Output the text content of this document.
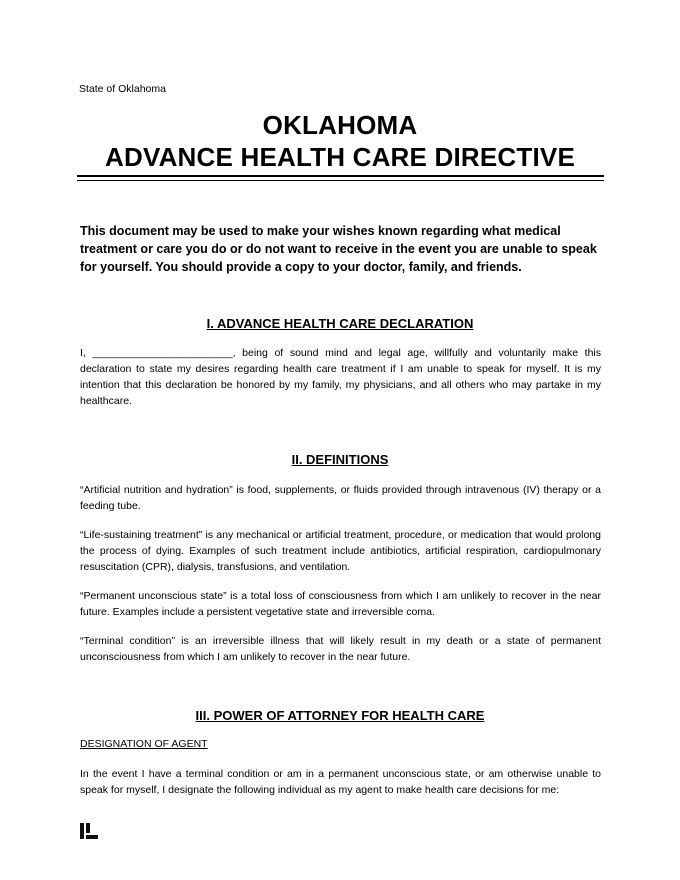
State of Oklahoma
OKLAHOMA
ADVANCE HEALTH CARE DIRECTIVE
This document may be used to make your wishes known regarding what medical treatment or care you do or do not want to receive in the event you are unable to speak for yourself. You should provide a copy to your doctor, family, and friends.
I. ADVANCE HEALTH CARE DECLARATION
I, ________________________, being of sound mind and legal age, willfully and voluntarily make this declaration to state my desires regarding health care treatment if I am unable to speak for myself. It is my intention that this declaration be honored by my family, my physicians, and all others who may partake in my healthcare.
II. DEFINITIONS
“Artificial nutrition and hydration” is food, supplements, or fluids provided through intravenous (IV) therapy or a feeding tube.
“Life-sustaining treatment” is any mechanical or artificial treatment, procedure, or medication that would prolong the process of dying. Examples of such treatment include antibiotics, artificial respiration, cardiopulmonary resuscitation (CPR), dialysis, transfusions, and ventilation.
“Permanent unconscious state” is a total loss of consciousness from which I am unlikely to recover in the near future. Examples include a persistent vegetative state and irreversible coma.
“Terminal condition” is an irreversible illness that will likely result in my death or a state of permanent unconsciousness from which I am unlikely to recover in the near future.
III. POWER OF ATTORNEY FOR HEALTH CARE
DESIGNATION OF AGENT
In the event I have a terminal condition or am in a permanent unconscious state, or am otherwise unable to speak for myself, I designate the following individual as my agent to make health care decisions for me:
